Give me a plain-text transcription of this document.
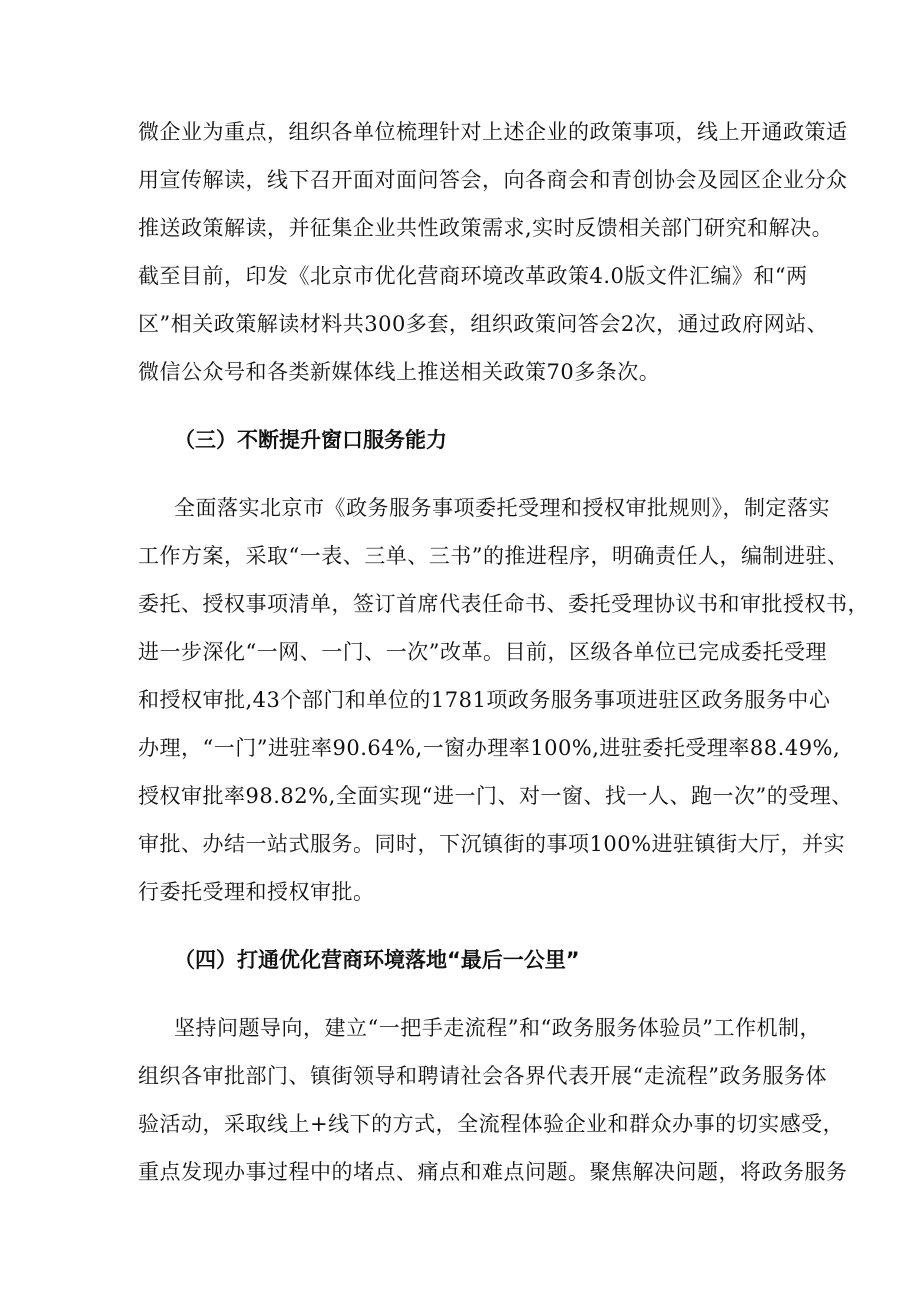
微企业为重点，组织各单位梳理针对上述企业的政策事项，线上开通政策适
用宣传解读，线下召开面对面问答会，向各商会和青创协会及园区企业分众
推送政策解读，并征集企业共性政策需求,实时反馈相关部门研究和解决。
截至目前，印发《北京市优化营商环境改革政策4.0版文件汇编》和“两
区”相关政策解读材料共300多套，组织政策问答会2次，通过政府网站、
微信公众号和各类新媒体线上推送相关政策70多条次。
（三）不断提升窗口服务能力
全面落实北京市《政务服务事项委托受理和授权审批规则》，制定落实
工作方案，采取“一表、三单、三书”的推进程序，明确责任人，编制进驻、
委托、授权事项清单，签订首席代表任命书、委托受理协议书和审批授权书，
进一步深化“一网、一门、一次”改革。目前，区级各单位已完成委托受理
和授权审批,43个部门和单位的1781项政务服务事项进驻区政务服务中心
办理，“一门”进驻率90.64%,一窗办理率100%,进驻委托受理率88.49%,
授权审批率98.82%,全面实现“进一门、对一窗、找一人、跑一次”的受理、
审批、办结一站式服务。同时，下沉镇街的事项100%进驻镇街大厅，并实
行委托受理和授权审批。
（四）打通优化营商环境落地“最后一公里”
坚持问题导向，建立“一把手走流程”和“政务服务体验员”工作机制，
组织各审批部门、镇街领导和聘请社会各界代表开展“走流程”政务服务体
验活动，采取线上+线下的方式，全流程体验企业和群众办事的切实感受，
重点发现办事过程中的堵点、痛点和难点问题。聚焦解决问题，将政务服务
